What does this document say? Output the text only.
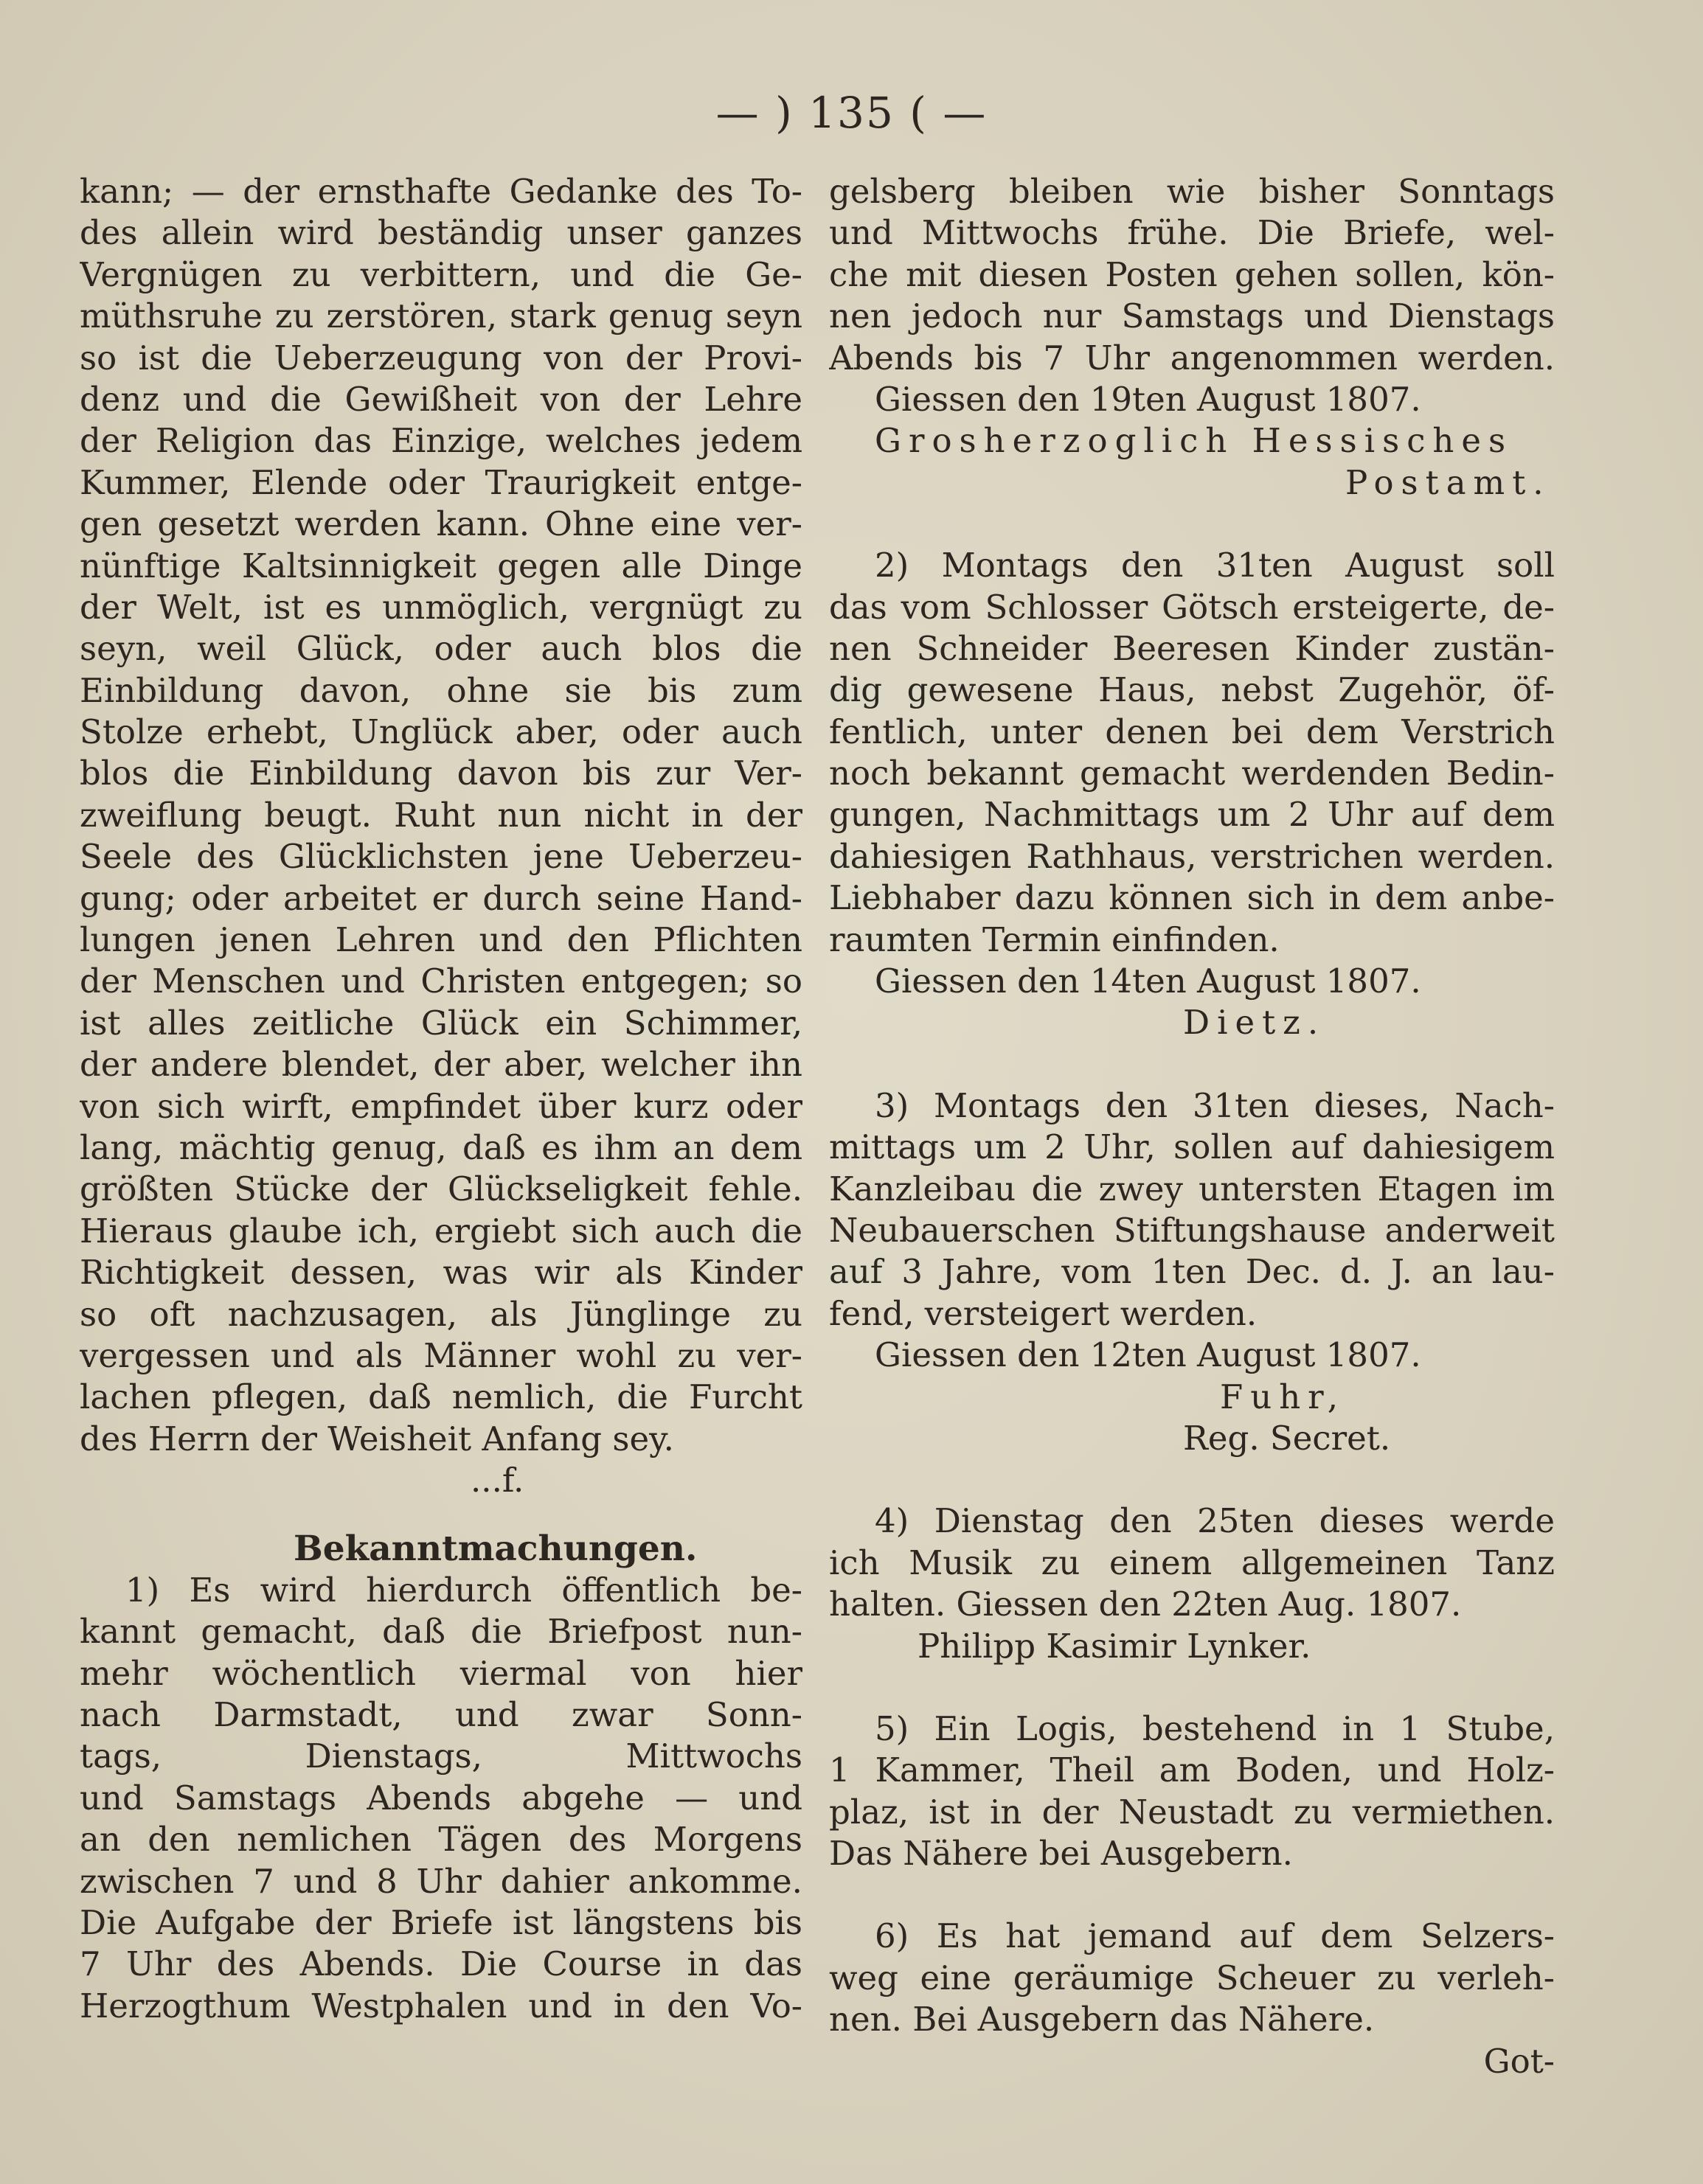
— ) 135 ( —
kann; — der ernsthafte Gedanke des To-
des allein wird beständig unser ganzes
Vergnügen zu verbittern, und die Ge-
müthsruhe zu zerstören, stark genug seyn
so ist die Ueberzeugung von der Provi-
denz und die Gewißheit von der Lehre
der Religion das Einzige, welches jedem
Kummer, Elende oder Traurigkeit entge-
gen gesetzt werden kann. Ohne eine ver-
nünftige Kaltsinnigkeit gegen alle Dinge
der Welt, ist es unmöglich, vergnügt zu
seyn, weil Glück, oder auch blos die
Einbildung davon, ohne sie bis zum
Stolze erhebt, Unglück aber, oder auch
blos die Einbildung davon bis zur Ver-
zweiflung beugt. Ruht nun nicht in der
Seele des Glücklichsten jene Ueberzeu-
gung; oder arbeitet er durch seine Hand-
lungen jenen Lehren und den Pflichten
der Menschen und Christen entgegen; so
ist alles zeitliche Glück ein Schimmer,
der andere blendet, der aber, welcher ihn
von sich wirft, empfindet über kurz oder
lang, mächtig genug, daß es ihm an dem
größten Stücke der Glückseligkeit fehle.
Hieraus glaube ich, ergiebt sich auch die
Richtigkeit dessen, was wir als Kinder
so oft nachzusagen, als Jünglinge zu
vergessen und als Männer wohl zu ver-
lachen pflegen, daß nemlich, die Furcht
des Herrn der Weisheit Anfang sey.
...f.
Bekanntmachungen.
1) Es wird hierdurch öffentlich be-
kannt gemacht, daß die Briefpost nun-
mehr wöchentlich viermal von hier
nach Darmstadt, und zwar Sonn-
tags, Dienstags, Mittwochs
und Samstags Abends abgehe — und
an den nemlichen Tägen des Morgens
zwischen 7 und 8 Uhr dahier ankomme.
Die Aufgabe der Briefe ist längstens bis
7 Uhr des Abends. Die Course in das
Herzogthum Westphalen und in den Vo-
gelsberg bleiben wie bisher Sonntags
und Mittwochs frühe. Die Briefe, wel-
che mit diesen Posten gehen sollen, kön-
nen jedoch nur Samstags und Dienstags
Abends bis 7 Uhr angenommen werden.
Giessen den 19ten August 1807.
Grosherzoglich Hessisches
Postamt.
2) Montags den 31ten August soll
das vom Schlosser Götsch ersteigerte, de-
nen Schneider Beeresen Kinder zustän-
dig gewesene Haus, nebst Zugehör, öf-
fentlich, unter denen bei dem Verstrich
noch bekannt gemacht werdenden Bedin-
gungen, Nachmittags um 2 Uhr auf dem
dahiesigen Rathhaus, verstrichen werden.
Liebhaber dazu können sich in dem anbe-
raumten Termin einfinden.
Giessen den 14ten August 1807.
Dietz.
3) Montags den 31ten dieses, Nach-
mittags um 2 Uhr, sollen auf dahiesigem
Kanzleibau die zwey untersten Etagen im
Neubauerschen Stiftungshause anderweit
auf 3 Jahre, vom 1ten Dec. d. J. an lau-
fend, versteigert werden.
Giessen den 12ten August 1807.
Fuhr,
Reg. Secret.
4) Dienstag den 25ten dieses werde
ich Musik zu einem allgemeinen Tanz
halten. Giessen den 22ten Aug. 1807.
Philipp Kasimir Lynker.
5) Ein Logis, bestehend in 1 Stube,
1 Kammer, Theil am Boden, und Holz-
plaz, ist in der Neustadt zu vermiethen.
Das Nähere bei Ausgebern.
6) Es hat jemand auf dem Selzers-
weg eine geräumige Scheuer zu verleh-
nen. Bei Ausgebern das Nähere.
Got-
